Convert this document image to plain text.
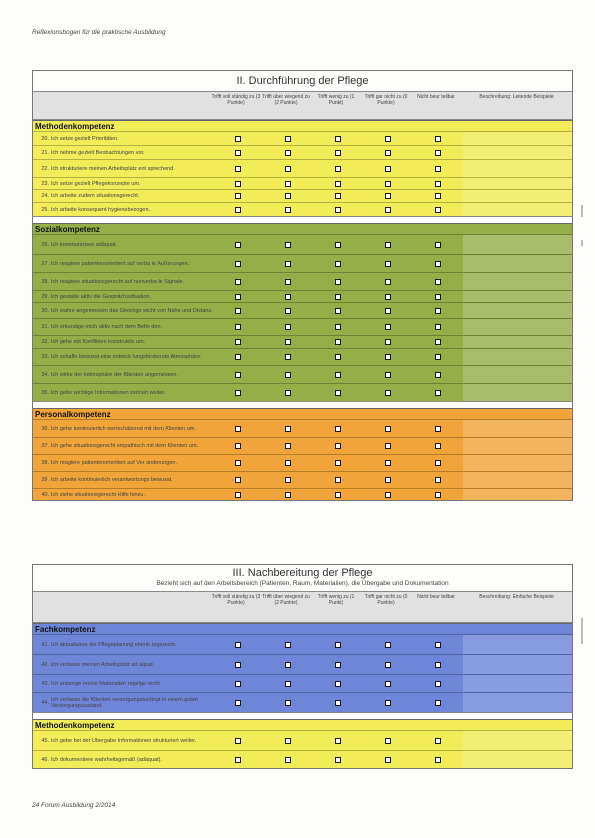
Reflexionsbogen für die praktische Ausbildung
II. Durchführung der Pflege
Trifft voll ständig zu (3 Punkte)
Trifft über wiegend zu (2 Punkte)
Trifft wenig zu (1 Punkt)
Trifft gar nicht zu (0 Punkte)
Nicht beur teilbar	Beschreibung: Leitende Beispiele
Methodenkompetenz
20. Ich setze gezielt Prioritäten.
21. Ich nehme gezielt Beobachtungen vor.
22. Ich strukturiere meinen Arbeitsplatz ent sprechend.
23. Ich setze gezielt Pflegekonzepte um.
24. Ich arbeite zudem situationsgerecht.
25. Ich arbeite konsequent hygienebezogen.
Sozialkompetenz
26. Ich kommuniziere adäquat.
27. Ich reagiere patientenorientiert auf verba le Äußerungen.
28. Ich reagiere situationsgerecht auf nonverba le Signale.
29. Ich gestalte aktiv die Gesprächssituation.
30. Ich wahre angemessen das Gleichge wicht von Nähe und Distanz.
31. Ich erkundige mich aktiv nach dem Befin den.
32. Ich gehe mit Konflikten konstruktiv um.
33. Ich schaffe bewusst eine entwick lungsfördernde Atmosphäre.
34. Ich wirke der Intimsphäre der Klienten angemessen.
35. Ich gebe wichtige Informationen zeitnah weiter.
Personalkompetenz
36. Ich gehe kontinuierlich wertschätzend mit dem Klienten um.
37. Ich gehe situationsgerecht empathisch mit dem Klienten um.
38. Ich reagiere patientenorientiert auf Ver änderungen.
39. Ich arbeite kontinuierlich verantwortungs bewusst.
40. Ich ziehe situationsgerecht Hilfe hinzu.
III. Nachbereitung der Pflege
Bezieht sich auf den Arbeitsbereich (Patienten, Raum, Materialien), die Übergabe und Dokumentation
Trifft voll ständig zu (3 Punkte)
Trifft über wiegend zu (2 Punkte)
Trifft wenig zu (1 Punkt)
Trifft gar nicht zu (0 Punkte)
Nicht beur teilbar	Beschreibung: Einfache Beispiele
Fachkompetenz
41. Ich aktualisiere die Pflegeplanung ebenb ürgerecht.
42. Ich verlasse meinen Arbeitsplatz ad äquat.
43. Ich entsorge meine Materialien regelge recht.
44. Ich verlasse die Klienten versorgungsbedingt in einem guten Versorgungszustand.
Methodenkompetenz
45. Ich gebe bei der Übergabe Informationen strukturiert weiter.
46. Ich dokumentiere wahrheitsgemäß (adäquat).
24 Forum Ausbildung 2/2014
